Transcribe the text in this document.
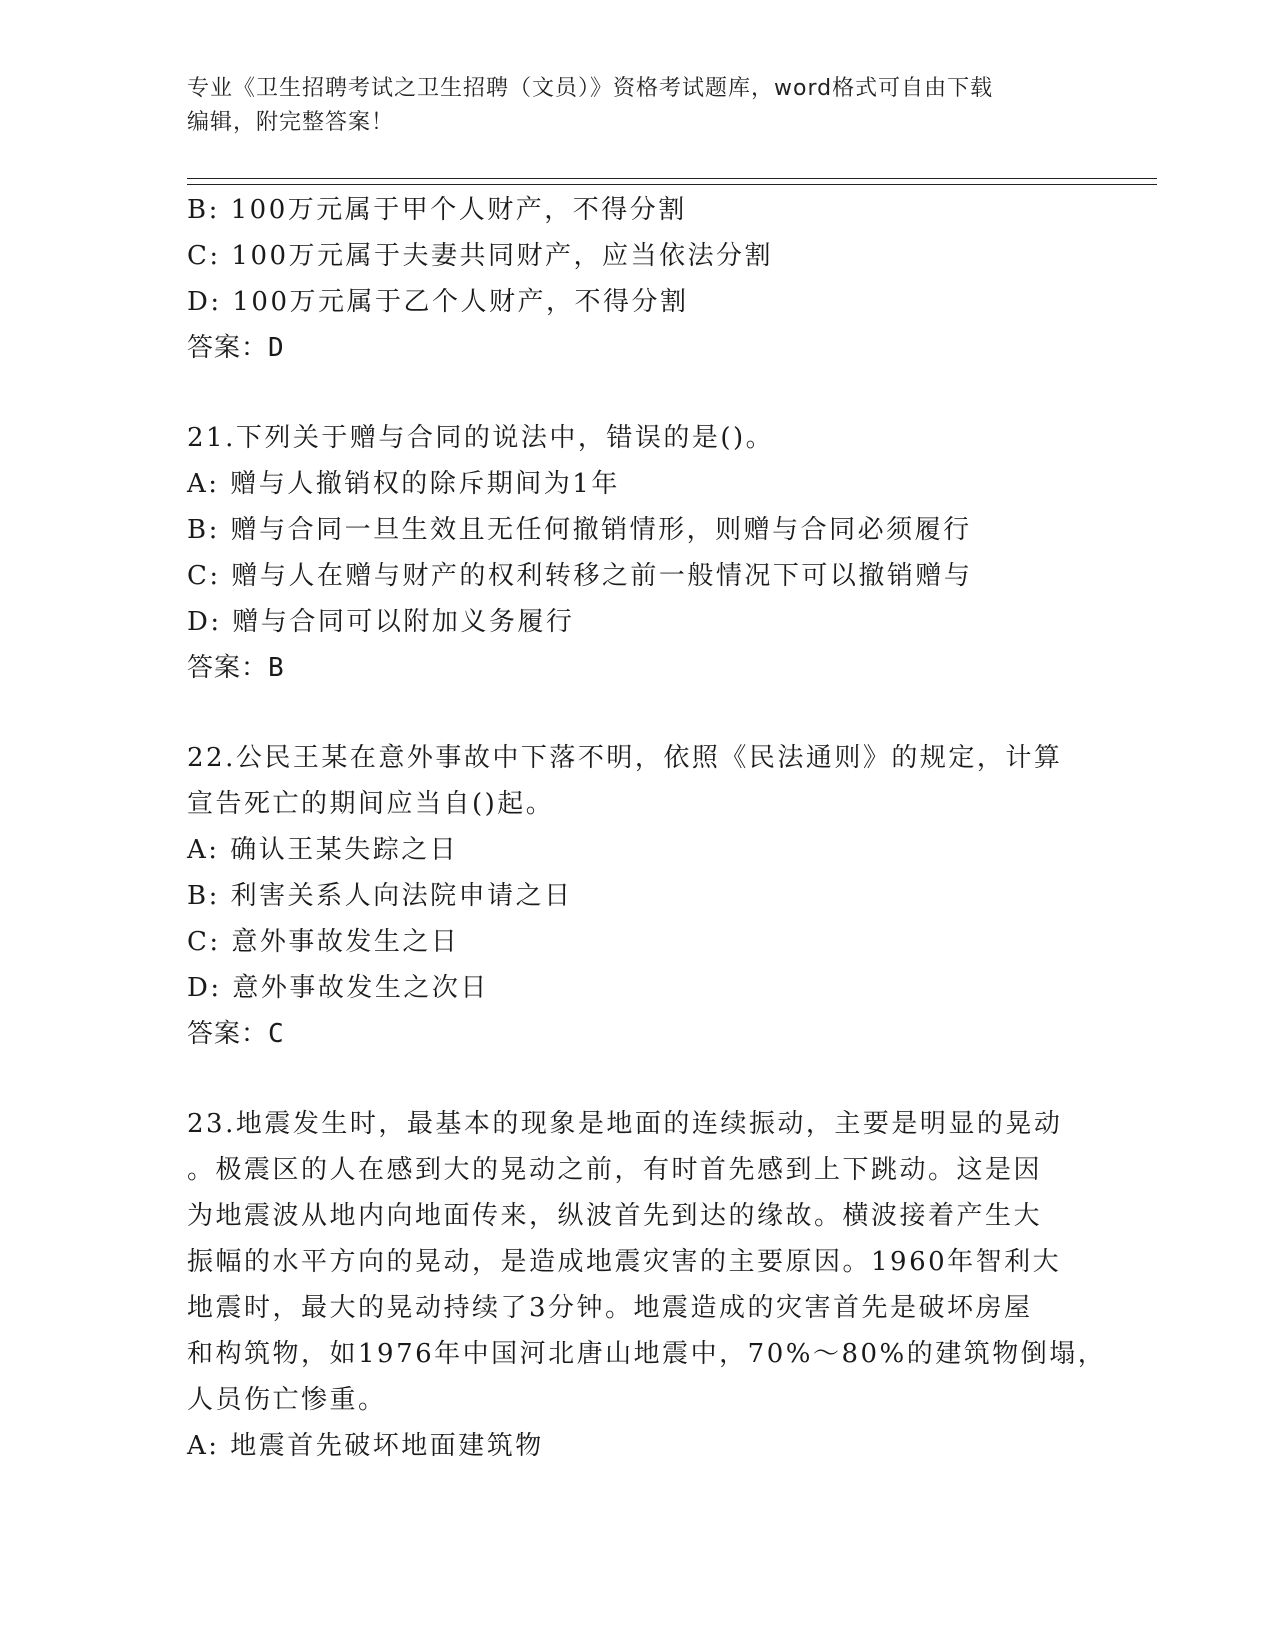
专业《卫生招聘考试之卫生招聘（文员）》资格考试题库，word格式可自由下载
编辑，附完整答案！
B: 100万元属于甲个人财产，不得分割
C: 100万元属于夫妻共同财产，应当依法分割
D: 100万元属于乙个人财产，不得分割
答案：D
21.下列关于赠与合同的说法中，错误的是()。
A: 赠与人撤销权的除斥期间为1年
B: 赠与合同一旦生效且无任何撤销情形，则赠与合同必须履行
C: 赠与人在赠与财产的权利转移之前一般情况下可以撤销赠与
D: 赠与合同可以附加义务履行
答案：B
22.公民王某在意外事故中下落不明，依照《民法通则》的规定，计算
宣告死亡的期间应当自()起。
A: 确认王某失踪之日
B: 利害关系人向法院申请之日
C: 意外事故发生之日
D: 意外事故发生之次日
答案：C
23.地震发生时，最基本的现象是地面的连续振动，主要是明显的晃动
。极震区的人在感到大的晃动之前，有时首先感到上下跳动。这是因
为地震波从地内向地面传来，纵波首先到达的缘故。横波接着产生大
振幅的水平方向的晃动，是造成地震灾害的主要原因。1960年智利大
地震时，最大的晃动持续了3分钟。地震造成的灾害首先是破坏房屋
和构筑物，如1976年中国河北唐山地震中，70%～80%的建筑物倒塌，
人员伤亡惨重。
A: 地震首先破坏地面建筑物
